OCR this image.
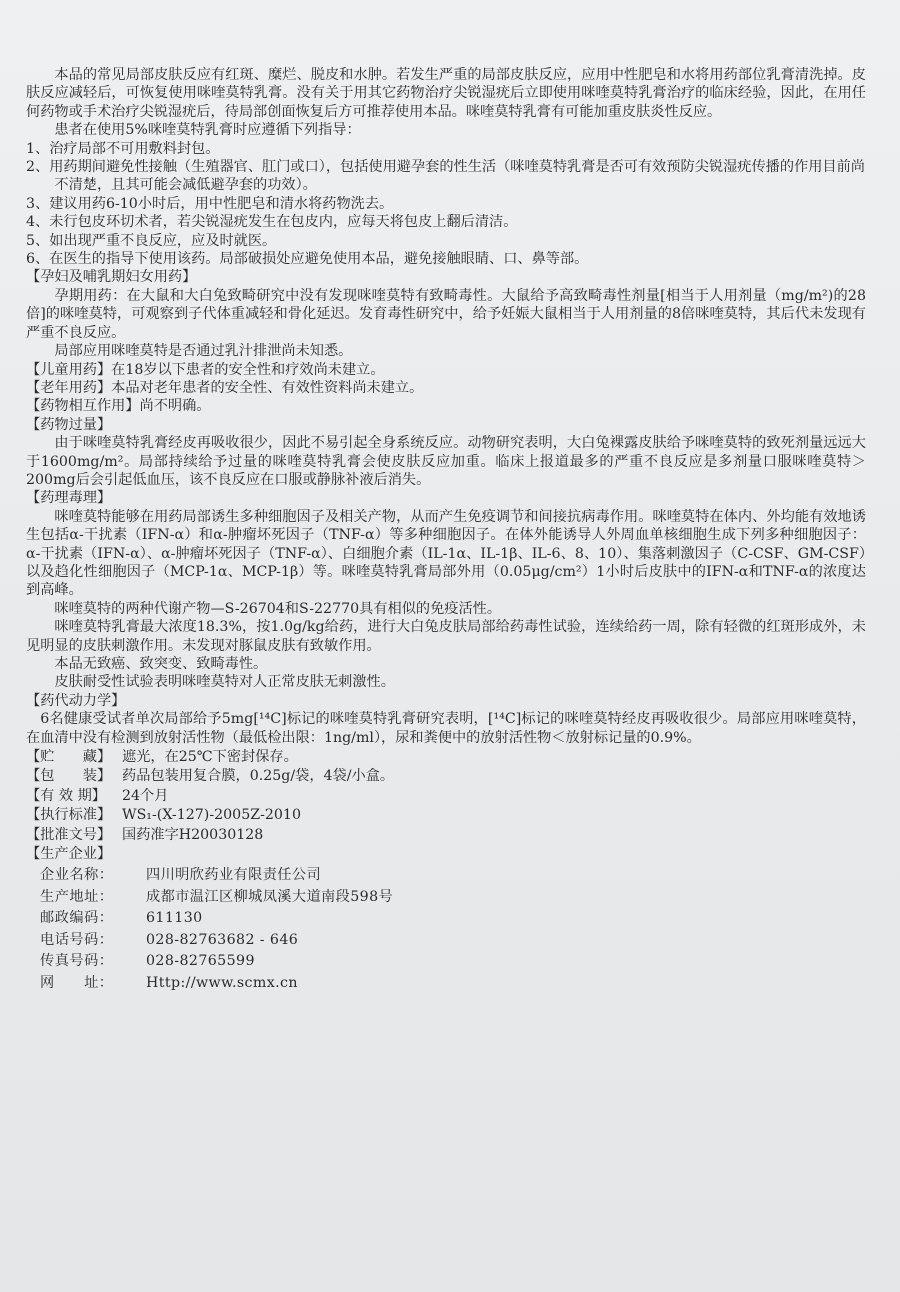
本品的常见局部皮肤反应有红斑、糜烂、脱皮和水肿。若发生严重的局部皮肤反应，应用中性肥皂和水将用药部位乳膏清洗掉。皮肤反应减轻后，可恢复使用咪喹莫特乳膏。没有关于用其它药物治疗尖锐湿疣后立即使用咪喹莫特乳膏治疗的临床经验，因此，在用任何药物或手术治疗尖锐湿疣后，待局部创面恢复后方可推荐使用本品。咪喹莫特乳膏有可能加重皮肤炎性反应。

患者在使用5%咪喹莫特乳膏时应遵循下列指导：

1、治疗局部不可用敷料封包。

2、用药期间避免性接触（生殖器官、肛门或口），包括使用避孕套的性生活（咪喹莫特乳膏是否可有效预防尖锐湿疣传播的作用目前尚不清楚，且其可能会减低避孕套的功效）。

3、建议用药6-10小时后，用中性肥皂和清水将药物洗去。

4、未行包皮环切术者，若尖锐湿疣发生在包皮内，应每天将包皮上翻后清洁。

5、如出现严重不良反应，应及时就医。

6、在医生的指导下使用该药。局部破损处应避免使用本品，避免接触眼睛、口、鼻等部。

【孕妇及哺乳期妇女用药】

孕期用药：在大鼠和大白兔致畸研究中没有发现咪喹莫特有致畸毒性。大鼠给予高致畸毒性剂量[相当于人用剂量（mg/m²)的28倍]的咪喹莫特，可观察到子代体重减轻和骨化延迟。发育毒性研究中，给予妊娠大鼠相当于人用剂量的8倍咪喹莫特，其后代未发现有严重不良反应。

局部应用咪喹莫特是否通过乳汁排泄尚未知悉。

【儿童用药】在18岁以下患者的安全性和疗效尚未建立。

【老年用药】本品对老年患者的安全性、有效性资料尚未建立。

【药物相互作用】尚不明确。

【药物过量】

由于咪喹莫特乳膏经皮再吸收很少，因此不易引起全身系统反应。动物研究表明，大白兔裸露皮肤给予咪喹莫特的致死剂量远远大于1600mg/m²。局部持续给予过量的咪喹莫特乳膏会使皮肤反应加重。临床上报道最多的严重不良反应是多剂量口服咪喹莫特＞200mg后会引起低血压，该不良反应在口服或静脉补液后消失。

【药理毒理】

咪喹莫特能够在用药局部诱生多种细胞因子及相关产物，从而产生免疫调节和间接抗病毒作用。咪喹莫特在体内、外均能有效地诱生包括α-干扰素（IFN-α）和α-肿瘤坏死因子（TNF-α）等多种细胞因子。在体外能诱导人外周血单核细胞生成下列多种细胞因子：α-干扰素（IFN-α）、α-肿瘤坏死因子（TNF-α）、白细胞介素（IL-1α、IL-1β、IL-6、8、10）、集落刺激因子（C-CSF、GM-CSF）以及趋化性细胞因子（MCP-1α、MCP-1β）等。咪喹莫特乳膏局部外用（0.05μg/cm²）1小时后皮肤中的IFN-α和TNF-α的浓度达到高峰。

咪喹莫特的两种代谢产物—S-26704和S-22770具有相似的免疫活性。

咪喹莫特乳膏最大浓度18.3%，按1.0g/kg给药，进行大白兔皮肤局部给药毒性试验，连续给药一周，除有轻微的红斑形成外，未见明显的皮肤刺激作用。未发现对豚鼠皮肤有致敏作用。

本品无致癌、致突变、致畸毒性。

皮肤耐受性试验表明咪喹莫特对人正常皮肤无刺激性。

【药代动力学】

6名健康受试者单次局部给予5mg[¹⁴C]标记的咪喹莫特乳膏研究表明，[¹⁴C]标记的咪喹莫特经皮再吸收很少。局部应用咪喹莫特，在血清中没有检测到放射活性物（最低检出限：1ng/ml），尿和粪便中的放射活性物＜放射标记量的0.9%。

【贮　　藏】 遮光，在25℃下密封保存。
【包　　装】 药品包装用复合膜，0.25g/袋，4袋/小盒。
【有 效 期】	24个月
【执行标准】 WS₁-(X-127)-2005Z-2010
【批准文号】 国药准字H20030128

【生产企业】

企业名称：	四川明欣药业有限责任公司
生产地址：	成都市温江区柳城凤溪大道南段598号
邮政编码：	611130
电话号码：	028-82763682 - 646
传真号码：	028-82765599
网　　址：	Http://www.scmx.cn
